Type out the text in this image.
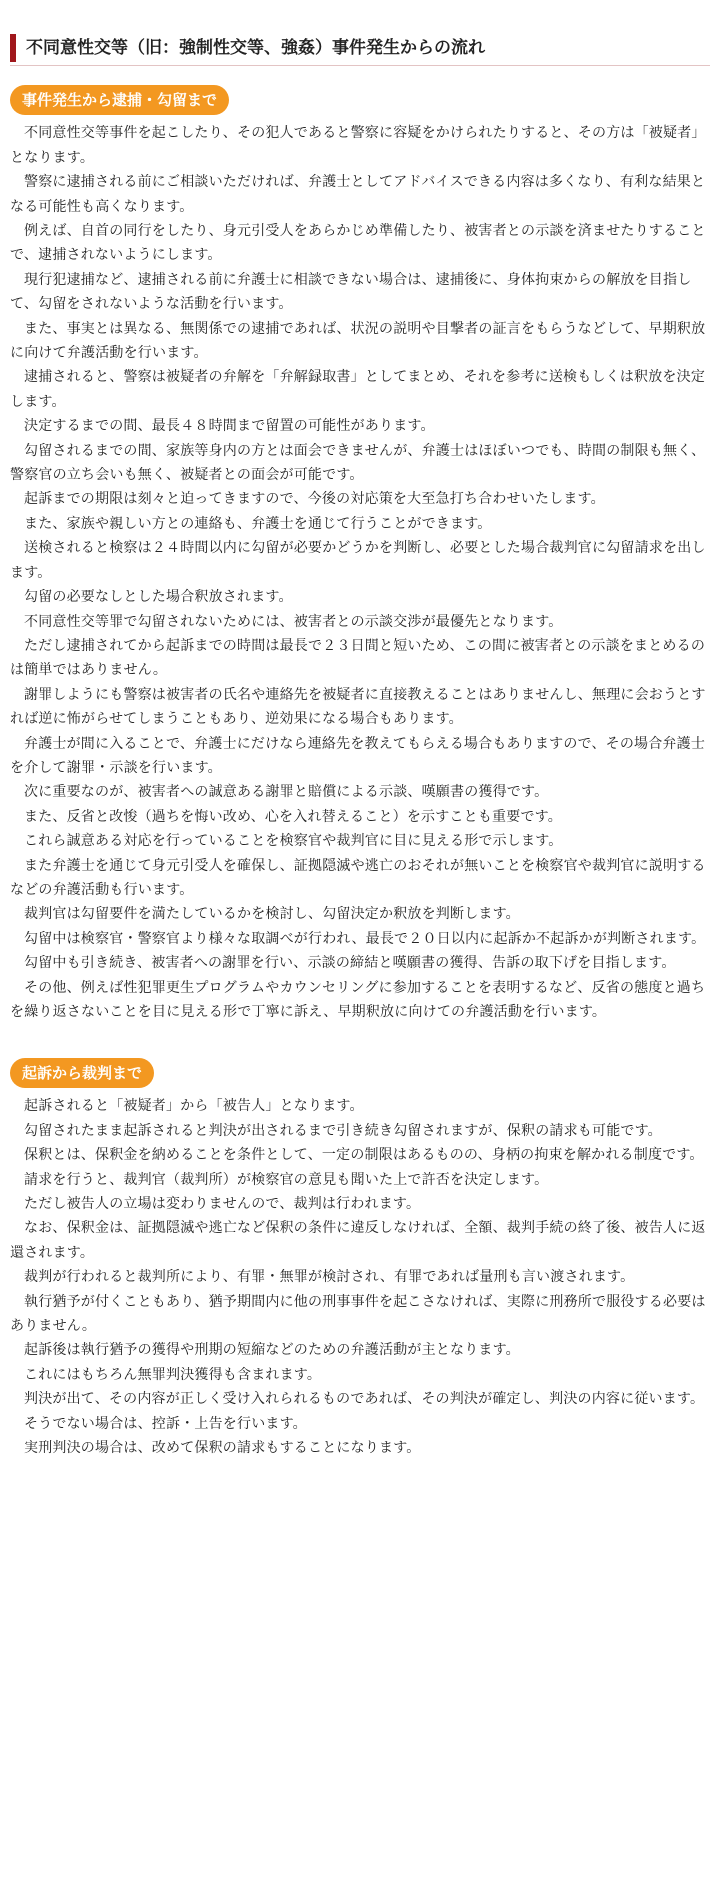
不同意性交等（旧：強制性交等、強姦）事件発生からの流れ
事件発生から逮捕・勾留まで

不同意性交等事件を起こしたり、その犯人であると警察に容疑をかけられたりすると、その方は「被疑者」となります。

警察に逮捕される前にご相談いただければ、弁護士としてアドバイスできる内容は多くなり、有利な結果となる可能性も高くなります。

例えば、自首の同行をしたり、身元引受人をあらかじめ準備したり、被害者との示談を済ませたりすることで、逮捕されないようにします。

現行犯逮捕など、逮捕される前に弁護士に相談できない場合は、逮捕後に、身体拘束からの解放を目指して、勾留をされないような活動を行います。

また、事実とは異なる、無関係での逮捕であれば、状況の説明や目撃者の証言をもらうなどして、早期釈放に向けて弁護活動を行います。

逮捕されると、警察は被疑者の弁解を「弁解録取書」としてまとめ、それを参考に送検もしくは釈放を決定します。

決定するまでの間、最長４８時間まで留置の可能性があります。

勾留されるまでの間、家族等身内の方とは面会できませんが、弁護士はほぼいつでも、時間の制限も無く、警察官の立ち会いも無く、被疑者との面会が可能です。

起訴までの期限は刻々と迫ってきますので、今後の対応策を大至急打ち合わせいたします。

また、家族や親しい方との連絡も、弁護士を通じて行うことができます。

送検されると検察は２４時間以内に勾留が必要かどうかを判断し、必要とした場合裁判官に勾留請求を出します。

勾留の必要なしとした場合釈放されます。

不同意性交等罪で勾留されないためには、被害者との示談交渉が最優先となります。

ただし逮捕されてから起訴までの時間は最長で２３日間と短いため、この間に被害者との示談をまとめるのは簡単ではありません。

謝罪しようにも警察は被害者の氏名や連絡先を被疑者に直接教えることはありませんし、無理に会おうとすれば逆に怖がらせてしまうこともあり、逆効果になる場合もあります。

弁護士が間に入ることで、弁護士にだけなら連絡先を教えてもらえる場合もありますので、その場合弁護士を介して謝罪・示談を行います。

次に重要なのが、被害者への誠意ある謝罪と賠償による示談、嘆願書の獲得です。

また、反省と改悛（過ちを悔い改め、心を入れ替えること）を示すことも重要です。

これら誠意ある対応を行っていることを検察官や裁判官に目に見える形で示します。

また弁護士を通じて身元引受人を確保し、証拠隠滅や逃亡のおそれが無いことを検察官や裁判官に説明するなどの弁護活動も行います。

裁判官は勾留要件を満たしているかを検討し、勾留決定か釈放を判断します。

勾留中は検察官・警察官より様々な取調べが行われ、最長で２０日以内に起訴か不起訴かが判断されます。

勾留中も引き続き、被害者への謝罪を行い、示談の締結と嘆願書の獲得、告訴の取下げを目指します。

その他、例えば性犯罪更生プログラムやカウンセリングに参加することを表明するなど、反省の態度と過ちを繰り返さないことを目に見える形で丁寧に訴え、早期釈放に向けての弁護活動を行います。

起訴から裁判まで

起訴されると「被疑者」から「被告人」となります。

勾留されたまま起訴されると判決が出されるまで引き続き勾留されますが、保釈の請求も可能です。

保釈とは、保釈金を納めることを条件として、一定の制限はあるものの、身柄の拘束を解かれる制度です。

請求を行うと、裁判官（裁判所）が検察官の意見も聞いた上で許否を決定します。

ただし被告人の立場は変わりませんので、裁判は行われます。

なお、保釈金は、証拠隠滅や逃亡など保釈の条件に違反しなければ、全額、裁判手続の終了後、被告人に返還されます。

裁判が行われると裁判所により、有罪・無罪が検討され、有罪であれば量刑も言い渡されます。

執行猶予が付くこともあり、猶予期間内に他の刑事事件を起こさなければ、実際に刑務所で服役する必要はありません。

起訴後は執行猶予の獲得や刑期の短縮などのための弁護活動が主となります。

これにはもちろん無罪判決獲得も含まれます。

判決が出て、その内容が正しく受け入れられるものであれば、その判決が確定し、判決の内容に従います。

そうでない場合は、控訴・上告を行います。

実刑判決の場合は、改めて保釈の請求もすることになります。
